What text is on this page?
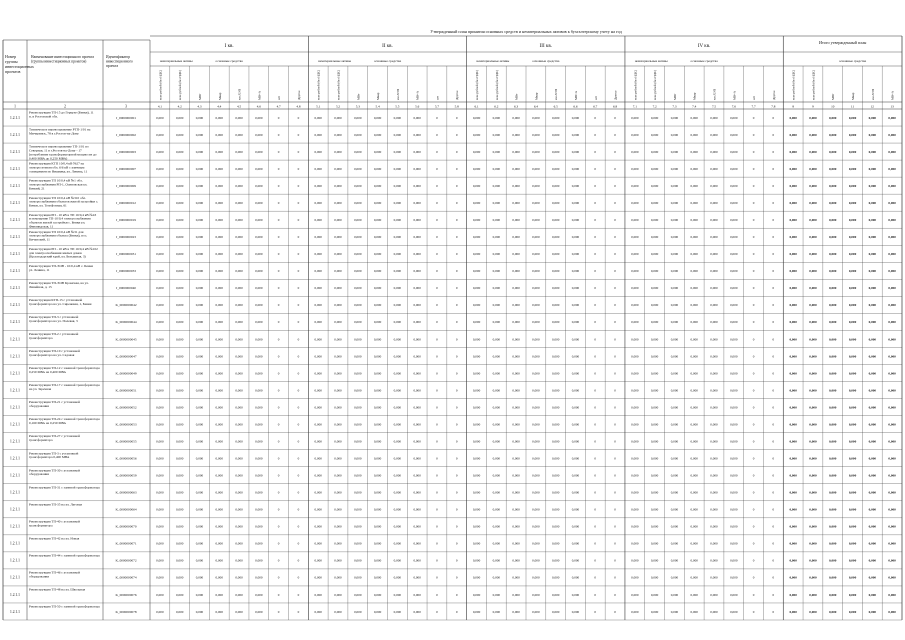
Утвержденный план принятия основных средств и нематериальных активов к бухгалтерскому учету на год
I кв.
нематериальные активы	основные средства
II кв.
нематериальные активы	основные средства
III кв.
нематериальные активы	основные средства
IV кв.
нематериальные активы	основные средства
Итого утвержденный план
основные средства
млн рублей (без НДС)	млн рублей (без НДС)	МВт	Мвар	км ЛЭП	МВ×А	шт	Другое	млн рублей (без НДС)	млн рублей (без НДС)	МВт	Мвар	км ЛЭП	МВ×А	шт	Другое	млн рублей (без НДС)	млн рублей (без НДС)	МВт	Мвар	км ЛЭП	МВ×А	шт	Другое	млн рублей (без НДС)	млн рублей (без НДС)	МВт	Мвар	км ЛЭП	МВ×А	шт	Другое	млн рублей (без НДС)	млн рублей (без НДС)	МВт	Мвар	км ЛЭП	МВ×А
Номер
группы
инвестиционных
проектов
Наименование инвестиционного проекта
(группы инвестиционных проектов)
Идентификатор
инвестиционного
проекта
1	2	3	4.1	4.2	4.3	4.4	4.5	4.6	4.7	4.8	5.1	5.2	5.3	5.4	5.5	5.6	5.7	5.8	6.1	6.2	6.3	6.4	6.5	6.6	6.7	6.8	7.1	7.2	7.3	7.4	7.5	7.6	7.7	7.8	8	9	10	11	12	13
1.2.1.1
Реконструкция ТП-15 до Геркуле (Бенки), 11
п. в Ростовской обл.	J_0000000001	0,000	0,000	0,000	0,000	0,000	0,000	0	0	0,000	0,000	0,000	0,000	0,000	0,000	0	0	0,000	0,000	0,000	0,000	0,000	0,000	0	0	0,000	0,000	0,000	0,000	0,000	0,000	0	0	0,000	0,000	0,000	0,000	0,000	0,000
1.2.1.1
Техническое перевооружение РТП-1/01 на
Мичуринск, 78 в г.Ростов-на-Дону	J_0000000002	0,000	0,000	0,000	0,000	0,000	0,000	0	0	0,000	0,000	0,000	0,000	0,000	0,000	0	0	0,000	0,000	0,000	0,000	0,000	0,000	0	0	0,000	0,000	0,000	0,000	0,000	0,000	0	0	0,000	0,000	0,000	0,000	0,000	0,000
1.2.1.1
Техническое перевооружение ТП-1/01 по
Северная, 11 в г.Ростов-на-Дону - 17
(потребление трансформаторной мощности до
0,400 МВА до 0,250 МВА)
J_0000000003	0,000	0,000	0,000	0,000	0,000	0,000	0	0	0,000	0,000	0,000	0,000	0,000	0,000	0	0	0,000	0,000	0,000	0,000	0,000	0,000	0	0	0,000	0,000	0,000	0,000	0,000	0,000	0	0	0,000	0,000	0,000	0,000	0,000	0,000
1.2.1.1
Реконструкция КТП 10/0,4 кВ №27 на
электросетевом обл. 6/6 кВ с уличным
освещением по Вишняку, ул. Ленина, 11
J_0000000007	0,000	0,000	0,000	0,000	0,000	0,000	0	0	0,000	0,000	0,000	0,000	0,000	0,000	0	0	0,000	0,000	0,000	0,000	0,000	0,000	0	0	0,000	0,000	0,000	0,000	0,000	0,000	0	0	0,000	0,000	0,000	0,000	0,000	0,000
1.2.1.1
Реконструкция ТП 10/0,4 кВ №1 обл.
электроснабжения РП-1, Осиновская ул.
Бенкий, 21
J_0000000009	0,000	0,000	0,000	0,000	0,000	0,000	0	0	0,000	0,000	0,000	0,000	0,000	0,000	0	0	0,000	0,000	0,000	0,000	0,000	0,000	0	0	0,000	0,000	0,000	0,000	0,000	0,000	0	0	0,000	0,000	0,000	0,000	0,000	0,000
1.2.1.1
Реконструкция ТП 10/0,4 кВ №310 обл.
электроснабжения объектов жилой застройки с.
Бенки, ул. Телефонная, 61
J_0000000012	0,000	0,000	0,000	0,000	0,000	0,000	0	0	0,000	0,000	0,000	0,000	0,000	0,000	0	0	0,000	0,000	0,000	0,000	0,000	0,000	0	0	0,000	0,000	0,000	0,000	0,000	0,000	0	0	0,000	0,000	0,000	0,000	0,000	0,000
1.2.1.1
Реконструкция РП - 10 кВ в ТП 10/0,4 кВ №43
и помещение ТП-10/0,4 электроснабжения
объектов жилой застройки с. Бенки ул.
Финляндская, 11
J_0000000019	0,000	0,000	0,000	0,000	0,000	0,000	0	0	0,000	0,000	0,000	0,000	0,000	0,000	0	0	0,000	0,000	0,000	0,000	0,000	0,000	0	0	0,000	0,000	0,000	0,000	0,000	0,000	0	0	0,000	0,000	0,000	0,000	0,000	0,000
1.2.1.1
Реконструкция ТП 10/0,4 кВ №31 для
электроснабжения объекта (Бенки), пос.
Кичанский, 11
J_0000000023	0,000	0,000	0,000	0,000	0,000	0,000	0	0	0,000	0,000	0,000	0,000	0,000	0,000	0	0	0,000	0,000	0,000	0,000	0,000	0,000	0	0	0,000	0,000	0,000	0,000	0,000	0,000	0	0	0,000	0,000	0,000	0,000	0,000	0,000
1.2.1.1
Реконструкция РП - 10 кВ в ТП 10/0,4 кВ №102
для электроснабжения жилых домов
(Краснодарский край, ул. Бутышная, 3)
J_0000000031	0,000	0,000	0,000	0,000	0,000	0,000	0	0	0,000	0,000	0,000	0,000	0,000	0,000	0	0	0,000	0,000	0,000	0,000	0,000	0,000	0	0	0,000	0,000	0,000	0,000	0,000	0,000	0	0	0,000	0,000	0,000	0,000	0,000	0,000
1.2.1.1
Реконструкция ТП-ЭОВ - 10/0,4 кВ с. Бенки
ул. Ленина, 11	J_0000000033	0,000	0,000	0,000	0,000	0,000	0,000	0	0	0,000	0,000	0,000	0,000	0,000	0,000	0	0	0,000	0,000	0,000	0,000	0,000	0,000	0	0	0,000	0,000	0,000	0,000	0,000	0,000	0	0	0,000	0,000	0,000	0,000	0,000	0,000
1.2.1.1
Реконструкция ТП-ЭОВ Кромская, на ул.
Линейная, д. 15	J_0000000040	0,000	0,000	0,000	0,000	0,000	0,000	0	0	0,000	0,000	0,000	0,000	0,000	0,000	0	0	0,000	0,000	0,000	0,000	0,000	0,000	0	0	0,000	0,000	0,000	0,000	0,000	0,000	0	0	0,000	0,000	0,000	0,000	0,000	0,000
1.2.1.1
Реконструкция КТП-15 с установкой
трансформатора на ул. Сиреневая, 1, Бенки	K_0000000042	0,000	0,000	0,000	0,000	0,000	0,000	0	0	0,000	0,000	0,000	0,000	0,000	0,000	0	0	0,000	0,000	0,000	0,000	0,000	0,000	0	0	0,000	0,000	0,000	0,000	0,000	0,000	0	0	0,000	0,000	0,000	0,000	0,000	0,000
1.2.1.1
Реконструкция ТП-3 с установкой
трансформатора на ул. Полевая, 3	K_0000000044	0,000	0,000	0,000	0,000	0,000	0,000	0	0	0,000	0,000	0,000	0,000	0,000	0,000	0	0	0,000	0,000	0,000	0,000	0,000	0,000	0	0	0,000	0,000	0,000	0,000	0,000	0,000	0	0	0,000	0,000	0,000	0,000	0,000	0,000
1.2.1.1
Реконструкция ТП-2 с установкой
трансформатора	K_0000000045	0,000	0,000	0,000	0,000	0,000	0,000	0	0	0,000	0,000	0,000	0,000	0,000	0,000	0	0	0,000	0,000	0,000	0,000	0,000	0,000	0	0	0,000	0,000	0,000	0,000	0,000	0,000	0	0	0,000	0,000	0,000	0,000	0,000	0,000
1.2.1.1
Реконструкция ТП-10 с установкой
трансформатора на ул. Садовая	K_0000000047	0,000	0,000	0,000	0,000	0,000	0,000	0	0	0,000	0,000	0,000	0,000	0,000	0,000	0	0	0,000	0,000	0,000	0,000	0,000	0,000	0	0	0,000	0,000	0,000	0,000	0,000	0,000	0	0	0,000	0,000	0,000	0,000	0,000	0,000
1.2.1.1
Реконструкция ТП-12 с заменой трансформатора
0,250 МВА на 0,400 МВА	K_0000000049	0,000	0,000	0,000	0,000	0,000	0,000	0	0	0,000	0,000	0,000	0,000	0,000	0,000	0	0	0,000	0,000	0,000	0,000	0,000	0,000	0	0	0,000	0,000	0,000	0,000	0,000	0,000	0	0	0,000	0,000	0,000	0,000	0,000	0,000
1.2.1.1
Реконструкция ТП-17 с заменой трансформатора
на ул. Заречная	K_0000000051	0,000	0,000	0,000	0,000	0,000	0,000	0	0	0,000	0,000	0,000	0,000	0,000	0,000	0	0	0,000	0,000	0,000	0,000	0,000	0,000	0	0	0,000	0,000	0,000	0,000	0,000	0,000	0	0	0,000	0,000	0,000	0,000	0,000	0,000
1.2.1.1
Реконструкция ТП-21 с установкой
оборудования	K_0000000052	0,000	0,000	0,000	0,000	0,000	0,000	0	0	0,000	0,000	0,000	0,000	0,000	0,000	0	0	0,000	0,000	0,000	0,000	0,000	0,000	0	0	0,000	0,000	0,000	0,000	0,000	0,000	0	0	0,000	0,000	0,000	0,000	0,000	0,000
1.2.1.1
Реконструкция ТП-24 с заменой трансформатора
0,160 МВА на 0,250 МВА	K_0000000053	0,000	0,000	0,000	0,000	0,000	0,000	0	0	0,000	0,000	0,000	0,000	0,000	0,000	0	0	0,000	0,000	0,000	0,000	0,000	0,000	0	0	0,000	0,000	0,000	0,000	0,000	0,000	0	0	0,000	0,000	0,000	0,000	0,000	0,000
1.2.1.1
Реконструкция ТП-27 с установкой
трансформатора	K_0000000055	0,000	0,000	0,000	0,000	0,000	0,000	0	0	0,000	0,000	0,000	0,000	0,000	0,000	0	0	0,000	0,000	0,000	0,000	0,000	0,000	0	0	0,000	0,000	0,000	0,000	0,000	0,000	0	0	0,000	0,000	0,000	0,000	0,000	0,000
1.2.1.1
Реконструкция ТП-3 с установкой
трансформатора 0,400 МВА	K_0000000056	0,000	0,000	0,000	0,000	0,000	0,000	0	0	0,000	0,000	0,000	0,000	0,000	0,000	0	0	0,000	0,000	0,000	0,000	0,000	0,000	0	0	0,000	0,000	0,000	0,000	0,000	0,000	0	0	0,000	0,000	0,000	0,000	0,000	0,000
1.2.1.1
Реконструкция ТП-30 с установкой
оборудования	K_0000000059	0,000	0,000	0,000	0,000	0,000	0,000	0	0	0,000	0,000	0,000	0,000	0,000	0,000	0	0	0,000	0,000	0,000	0,000	0,000	0,000	0	0	0,000	0,000	0,000	0,000	0,000	0,000	0	0	0,000	0,000	0,000	0,000	0,000	0,000
1.2.1.1
Реконструкция ТП-31 с заменой трансформатора
K_0000000063	0,000	0,000	0,000	0,000	0,000	0,000	0	0	0,000	0,000	0,000	0,000	0,000	0,000	0	0	0,000	0,000	0,000	0,000	0,000	0,000	0	0	0,000	0,000	0,000	0,000	0,000	0,000	0	0	0,000	0,000	0,000	0,000	0,000	0,000
1.2.1.1
Реконструкция ТП-35 на ул. Луговая
K_0000000064	0,000	0,000	0,000	0,000	0,000	0,000	0	0	0,000	0,000	0,000	0,000	0,000	0,000	0	0	0,000	0,000	0,000	0,000	0,000	0,000	0	0	0,000	0,000	0,000	0,000	0,000	0,000	0	0	0,000	0,000	0,000	0,000	0,000	0,000
1.2.1.1
Реконструкция ТП-40 с установкой
трансформатора	K_0000000070	0,000	0,000	0,000	0,000	0,000	0,000	0	0	0,000	0,000	0,000	0,000	0,000	0,000	0	0	0,000	0,000	0,000	0,000	0,000	0,000	0	0	0,000	0,000	0,000	0,000	0,000	0,000	0	0	0,000	0,000	0,000	0,000	0,000	0,000
1.2.1.1
Реконструкция ТП-42 на ул. Новая
K_0000000071	0,000	0,000	0,000	0,000	0,000	0,000	0	0	0,000	0,000	0,000	0,000	0,000	0,000	0	0	0,000	0,000	0,000	0,000	0,000	0,000	0	0	0,000	0,000	0,000	0,000	0,000	0,000	0	0	0,000	0,000	0,000	0,000	0,000	0,000
1.2.1.1
Реконструкция ТП-44 с заменой трансформатора
K_0000000072	0,000	0,000	0,000	0,000	0,000	0,000	0	0	0,000	0,000	0,000	0,000	0,000	0,000	0	0	0,000	0,000	0,000	0,000	0,000	0,000	0	0	0,000	0,000	0,000	0,000	0,000	0,000	0	0	0,000	0,000	0,000	0,000	0,000	0,000
1.2.1.1
Реконструкция ТП-46 с установкой
оборудования	K_0000000074	0,000	0,000	0,000	0,000	0,000	0,000	0	0	0,000	0,000	0,000	0,000	0,000	0,000	0	0	0,000	0,000	0,000	0,000	0,000	0,000	0	0	0,000	0,000	0,000	0,000	0,000	0,000	0	0	0,000	0,000	0,000	0,000	0,000	0,000
1.2.1.1
Реконструкция ТП-48 на ул. Школьная
K_0000000076	0,000	0,000	0,000	0,000	0,000	0,000	0	0	0,000	0,000	0,000	0,000	0,000	0,000	0	0	0,000	0,000	0,000	0,000	0,000	0,000	0	0	0,000	0,000	0,000	0,000	0,000	0,000	0	0	0,000	0,000	0,000	0,000	0,000	0,000
1.2.1.1
Реконструкция ТП-50 с заменой трансформатора
K_0000000078	0,000	0,000	0,000	0,000	0,000	0,000	0	0	0,000	0,000	0,000	0,000	0,000	0,000	0	0	0,000	0,000	0,000	0,000	0,000	0,000	0	0	0,000	0,000	0,000	0,000	0,000	0,000	0	0	0,000	0,000	0,000	0,000	0,000	0,000
